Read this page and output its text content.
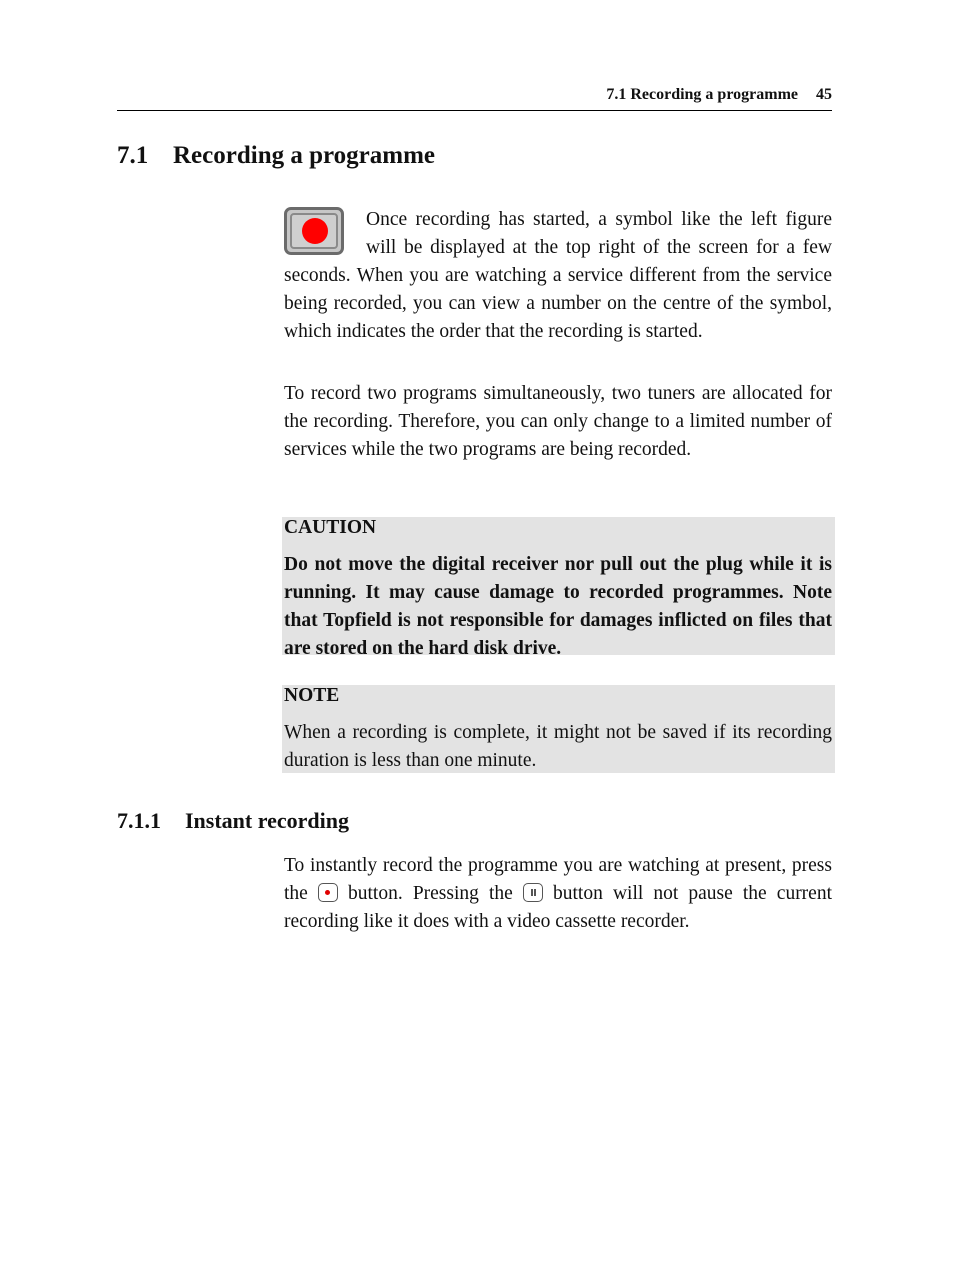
7.1 Recording a programme 45
7.1 Recording a programme

Once recording has started, a symbol like the left figure will be displayed at the top right of the screen for a few seconds. When you are watching a service different from the service being recorded, you can view a number on the centre of the symbol, which indicates the order that the recording is started.

To record two programs simultaneously, two tuners are allocated for the recording. Therefore, you can only change to a limited number of services while the two programs are being recorded.

CAUTION
Do not move the digital receiver nor pull out the plug while it is running. It may cause damage to recorded programmes. Note that Topfield is not responsible for damages inflicted on files that are stored on the hard disk drive.
NOTE
When a recording is complete, it might not be saved if its recording duration is less than one minute.
7.1.1 Instant recording

To instantly record the programme you are watching at present, press the button. Pressing the button will not pause the current recording like it does with a video cassette recorder.
